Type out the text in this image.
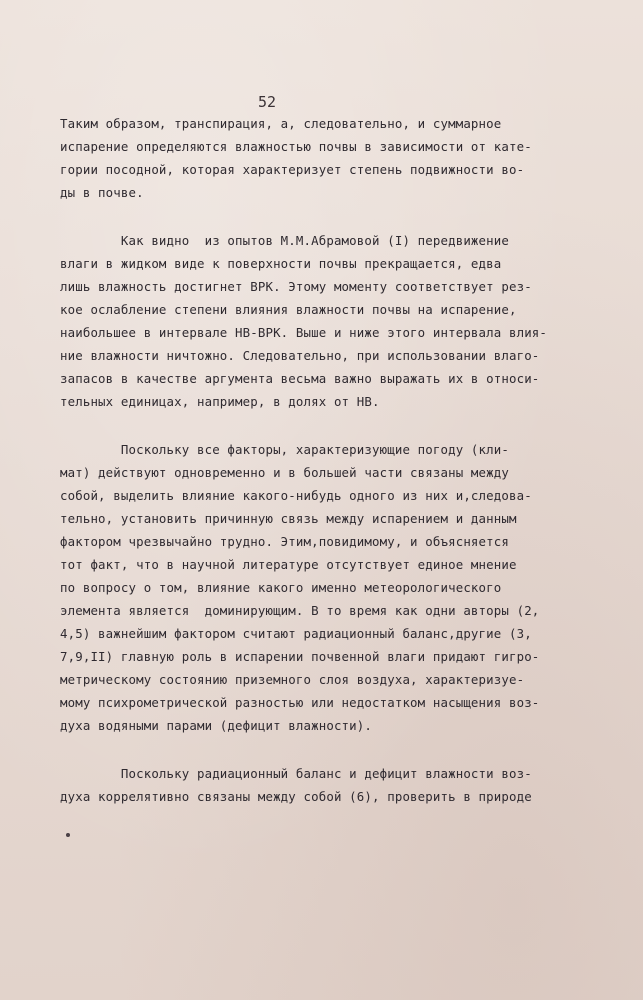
52
Таким образом, транспирация, а, следовательно, и суммарное
испарение определяются влажностью почвы в зависимости от кате-
гории посодной, которая характеризует степень подвижности во-
ды в почве.
Как видно  из опытов М.М.Абрамовой (I) передвижение
влаги в жидком виде к поверхности почвы прекращается, едва
лишь влажность достигнет ВРК. Этому моменту соответствует рез-
кое ослабление степени влияния влажности почвы на испарение,
наибольшее в интервале НВ-ВРК. Выше и ниже этого интервала влия-
ние влажности ничтожно. Следовательно, при использовании влаго-
запасов в качестве аргумента весьма важно выражать их в относи-
тельных единицах, например, в долях от НВ.
Поскольку все факторы, характеризующие погоду (кли-
мат) действуют одновременно и в большей части связаны между
собой, выделить влияние какого-нибудь одного из них и,следова-
тельно, установить причинную связь между испарением и данным
фактором чрезвычайно трудно. Этим,повидимому, и объясняется
тот факт, что в научной литературе отсутствует единое мнение
по вопросу о том, влияние какого именно метеорологического
элемента является  доминирующим. В то время как одни авторы (2,
4,5) важнейшим фактором считают радиационный баланс,другие (3,
7,9,II) главную роль в испарении почвенной влаги придают гигро-
метрическому состоянию приземного слоя воздуха, характеризуе-
мому психрометрической разностью или недостатком насыщения воз-
духа водяными парами (дефицит влажности).
Поскольку радиационный баланс и дефицит влажности воз-
духа коррелятивно связаны между собой (6), проверить в природе
